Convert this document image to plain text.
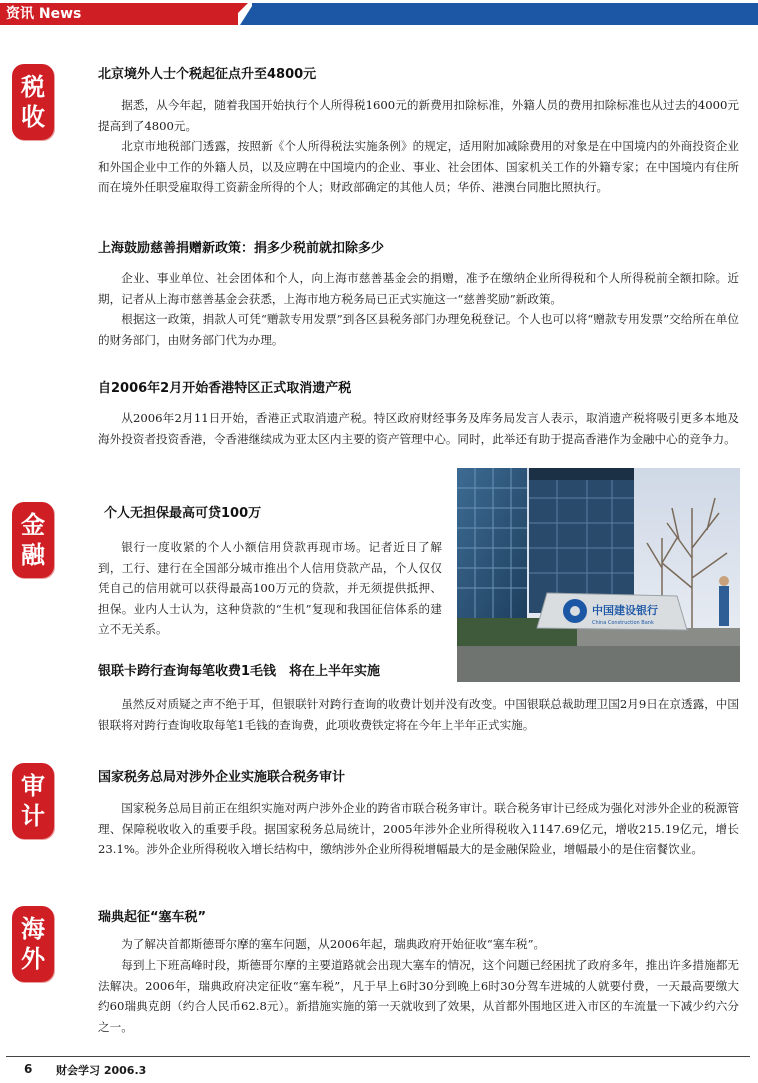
资讯 News
税
收
金
融
审
计
海
外
北京境外人士个税起征点升至4800元

据悉，从今年起，随着我国开始执行个人所得税1600元的新费用扣除标准，外籍人员的费用扣除标准也从过去的4000元提高到了4800元。

北京市地税部门透露，按照新《个人所得税法实施条例》的规定，适用附加减除费用的对象是在中国境内的外商投资企业和外国企业中工作的外籍人员，以及应聘在中国境内的企业、事业、社会团体、国家机关工作的外籍专家；在中国境内有住所而在境外任职受雇取得工资薪金所得的个人；财政部确定的其他人员；华侨、港澳台同胞比照执行。

上海鼓励慈善捐赠新政策：捐多少税前就扣除多少

企业、事业单位、社会团体和个人，向上海市慈善基金会的捐赠，准予在缴纳企业所得税和个人所得税前全额扣除。近期，记者从上海市慈善基金会获悉，上海市地方税务局已正式实施这一“慈善奖励”新政策。

根据这一政策，捐款人可凭“赠款专用发票”到各区县税务部门办理免税登记。个人也可以将“赠款专用发票”交给所在单位的财务部门，由财务部门代为办理。

自2006年2月开始香港特区正式取消遗产税

从2006年2月11日开始，香港正式取消遗产税。特区政府财经事务及库务局发言人表示，取消遗产税将吸引更多本地及海外投资者投资香港，令香港继续成为亚太区内主要的资产管理中心。同时，此举还有助于提高香港作为金融中心的竞争力。

个人无担保最高可贷100万

银行一度收紧的个人小额信用贷款再现市场。记者近日了解到，工行、建行在全国部分城市推出个人信用贷款产品，个人仅仅凭自己的信用就可以获得最高100万元的贷款，并无须提供抵押、担保。业内人士认为，这种贷款的“生机”复现和我国征信体系的建立不无关系。

中国建设银行
China Construction Bank
银联卡跨行查询每笔收费1毛钱　将在上半年实施

虽然反对质疑之声不绝于耳，但银联针对跨行查询的收费计划并没有改变。中国银联总裁助理卫国2月9日在京透露，中国银联将对跨行查询收取每笔1毛钱的查询费，此项收费铁定将在今年上半年正式实施。

国家税务总局对涉外企业实施联合税务审计

国家税务总局目前正在组织实施对两户涉外企业的跨省市联合税务审计。联合税务审计已经成为强化对涉外企业的税源管理、保障税收收入的重要手段。据国家税务总局统计，2005年涉外企业所得税收入1147.69亿元，增收215.19亿元，增长23.1%。涉外企业所得税收入增长结构中，缴纳涉外企业所得税增幅最大的是金融保险业，增幅最小的是住宿餐饮业。

瑞典起征“塞车税”

为了解决首都斯德哥尔摩的塞车问题，从2006年起，瑞典政府开始征收“塞车税”。

每到上下班高峰时段，斯德哥尔摩的主要道路就会出现大塞车的情况，这个问题已经困扰了政府多年，推出许多措施都无法解决。2006年，瑞典政府决定征收“塞车税”，凡于早上6时30分到晚上6时30分驾车进城的人就要付费，一天最高要缴大约60瑞典克朗（约合人民币62.8元）。新措施实施的第一天就收到了效果，从首都外围地区进入市区的车流量一下减少约六分之一。

6 财会学习 2006.3
